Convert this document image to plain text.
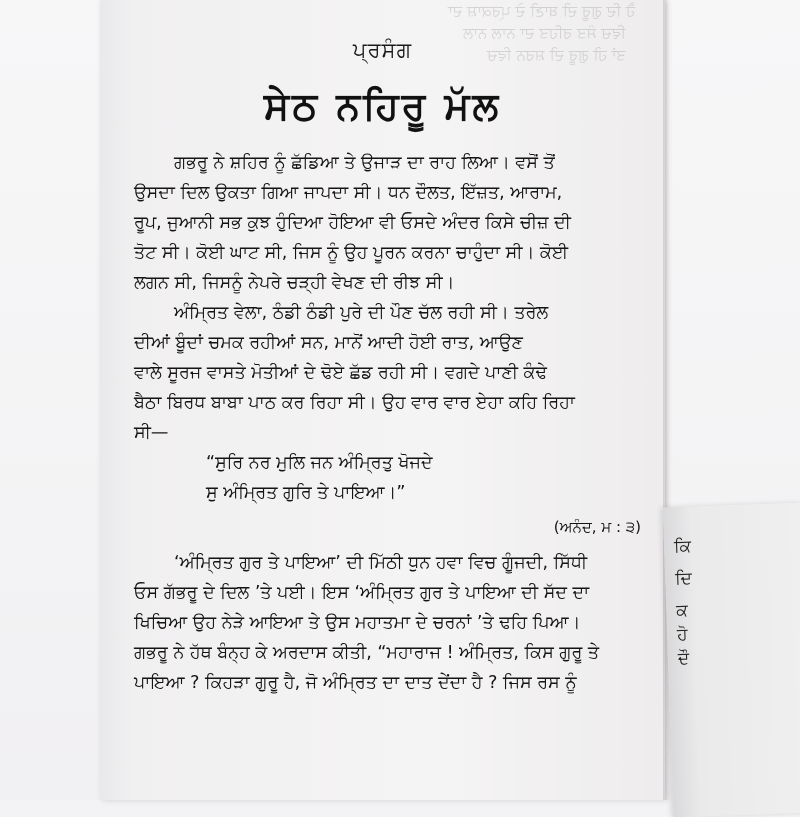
ਹੈ ਦਿ ਗੁਰੂ ਦੀ ਬਾਣੀ ਦੇ ਪ੍ਰਕਾਸ਼ ਦਾ
ਵਿਚ ਸੰਤ ਰਹਿਤ ਦਾ ਨਾਲ ਨਾਲ
ਤਾਂ ਹੀ ਗੁਰੂ ਦੀ ਸ਼ਰਨ ਵਿਚ
ਪ੍ਰਸੰਗ
ਸੇਠ ਨਹਿਰੂ ਮੱਲ

ਗਭਰੂ ਨੇ ਸ਼ਹਿਰ ਨੂੰ ਛੱਡਿਆ ਤੇ ਉਜਾੜ ਦਾ ਰਾਹ ਲਿਆ। ਵਸੋਂ ਤੋਂ

ਉਸਦਾ ਦਿਲ ਉਕਤਾ ਗਿਆ ਜਾਪਦਾ ਸੀ। ਧਨ ਦੌਲਤ, ਇੱਜ਼ਤ, ਆਰਾਮ,

ਰੂਪ, ਜੁਆਨੀ ਸਭ ਕੁਝ ਹੁੰਦਿਆ ਹੋਇਆ ਵੀ ਓਸਦੇ ਅੰਦਰ ਕਿਸੇ ਚੀਜ਼ ਦੀ

ਤੋਟ ਸੀ। ਕੋਈ ਘਾਟ ਸੀ, ਜਿਸ ਨੂੰ ਉਹ ਪੂਰਨ ਕਰਨਾ ਚਾਹੁੰਦਾ ਸੀ। ਕੋਈ

ਲਗਨ ਸੀ, ਜਿਸਨੂੰ ਨੇਪਰੇ ਚੜ੍ਹੀ ਵੇਖਣ ਦੀ ਰੀਝ ਸੀ।

ਅੰਮ੍ਰਿਤ ਵੇਲਾ, ਠੰਡੀ ਠੰਡੀ ਪੁਰੇ ਦੀ ਪੌਣ ਚੱਲ ਰਹੀ ਸੀ। ਤਰੇਲ

ਦੀਆਂ ਬੂੰਦਾਂ ਚਮਕ ਰਹੀਆਂ ਸਨ, ਮਾਨੋਂ ਆਦੀ ਹੋਈ ਰਾਤ, ਆਉਣ

ਵਾਲੇ ਸੂਰਜ ਵਾਸਤੇ ਮੋਤੀਆਂ ਦੇ ਢੋਏ ਛੱਡ ਰਹੀ ਸੀ। ਵਗਦੇ ਪਾਣੀ ਕੰਢੇ

ਬੈਠਾ ਬਿਰਧ ਬਾਬਾ ਪਾਠ ਕਰ ਰਿਹਾ ਸੀ। ਉਹ ਵਾਰ ਵਾਰ ਏਹਾ ਕਹਿ ਰਿਹਾ

ਸੀ—

“ਸੁਰਿ ਨਰ ਮੁਲਿ ਜਨ ਅੰਮ੍ਰਿਤੁ ਖੋਜਦੇ

ਸੁ ਅੰਮ੍ਰਿਤ ਗੁਰਿ ਤੇ ਪਾਇਆ।”

(ਅਨੰਦ, ਮ : ੩)

‘ਅੰਮ੍ਰਿਤ ਗੁਰ ਤੇ ਪਾਇਆ’ ਦੀ ਮਿੱਠੀ ਧੁਨ ਹਵਾ ਵਿਚ ਗੂੰਜਦੀ, ਸਿੱਧੀ

ਓਸ ਗੱਭਰੂ ਦੇ ਦਿਲ ’ਤੇ ਪਈ। ਇਸ ‘ਅੰਮ੍ਰਿਤ ਗੁਰ ਤੇ ਪਾਇਆ ਦੀ ਸੱਦ ਦਾ

ਖਿਚਿਆ ਉਹ ਨੇੜੇ ਆਇਆ ਤੇ ਉਸ ਮਹਾਤਮਾ ਦੇ ਚਰਨਾਂ ’ਤੇ ਢਹਿ ਪਿਆ।

ਗਭਰੂ ਨੇ ਹੱਥ ਬੰਨ੍ਹ ਕੇ ਅਰਦਾਸ ਕੀਤੀ, “ਮਹਾਰਾਜ ! ਅੰਮ੍ਰਿਤ, ਕਿਸ ਗੁਰੂ ਤੇ

ਪਾਇਆ ? ਕਿਹੜਾ ਗੁਰੂ ਹੈ, ਜੋ ਅੰਮ੍ਰਿਤ ਦਾ ਦਾਤ ਦੇਂਦਾ ਹੈ ? ਜਿਸ ਰਸ ਨੂੰ

ਕਿ
ਦਿ
ਕ
ਹੋ
ਦੌ
